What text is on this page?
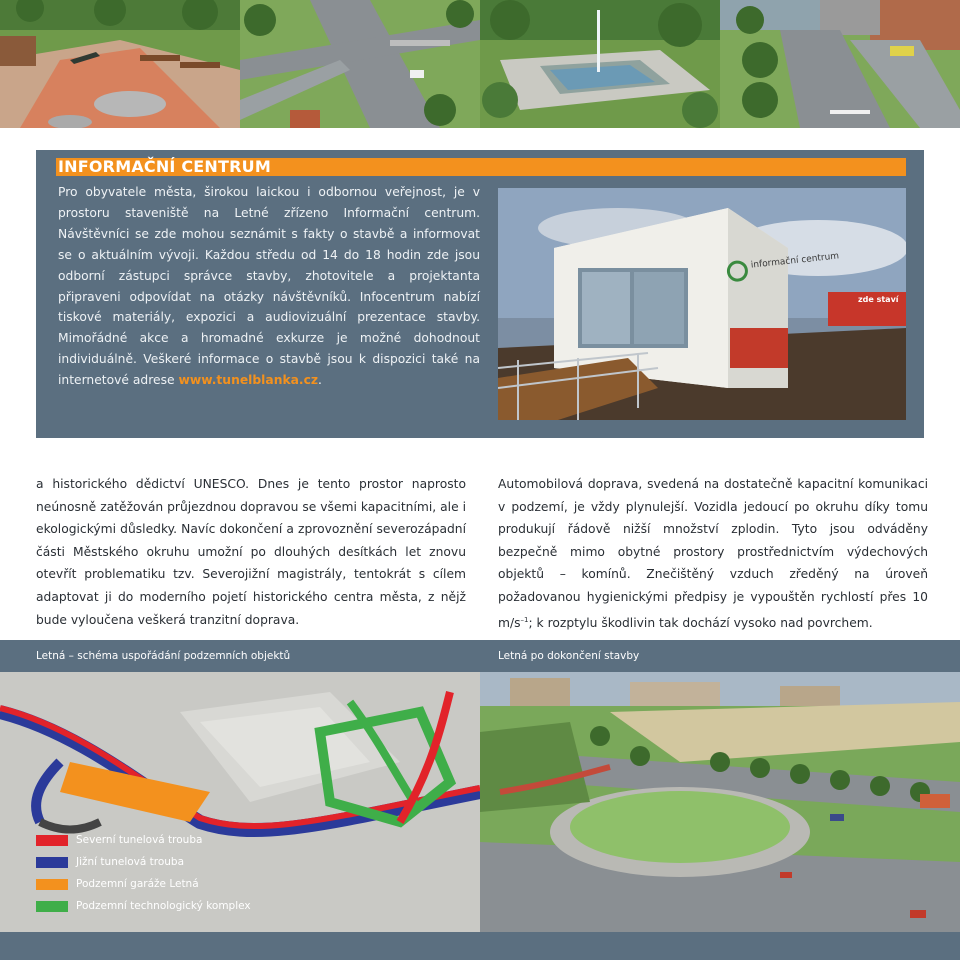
INFORMAČNÍ CENTRUM
Pro obyvatele města, širokou laickou i odbornou veřejnost, je v prostoru staveniště na Letné zřízeno Informační centrum. Návštěvníci se zde mohou seznámit s fakty o stavbě a informovat se o aktuálním vývoji. Každou středu od 14 do 18 hodin zde jsou odborní zástupci správce stavby, zhotovitele a projektanta připraveni odpovídat na otázky návštěvníků. Infocentrum nabízí tiskové materiály, expozici a audiovizuální prezentace stavby. Mimořádné akce a hromadné exkurze je možné dohodnout individuálně. Veškeré informace o stavbě jsou k dispozici také na internetové adrese www.tunelblanka.cz.
informační centrum
zde staví
a historického dědictví UNESCO. Dnes je tento prostor naprosto neúnosně zatěžován průjezdnou dopravou se všemi kapacitními, ale i ekologickými důsledky. Navíc dokončení a zprovoznění severozápadní části Městského okruhu umožní po dlouhých desítkách let znovu otevřít problematiku tzv. Severojižní magistrály, tentokrát s cílem adaptovat ji do moderního pojetí historického centra města, z nějž bude vyloučena veškerá tranzitní doprava.
Automobilová doprava, svedená na dostatečně kapacitní komunikaci v podzemí, je vždy plynulejší. Vozidla jedoucí po okruhu díky tomu produkují řádově nižší množství zplodin. Tyto jsou odváděny bezpečně mimo obytné prostory prostřednictvím výdechových objektů – komínů. Znečištěný vzduch zředěný na úroveň požadovanou hygienickými předpisy je vypouštěn rychlostí přes 10 $m/s^{-1}$; k rozptylu škodlivin tak dochází vysoko nad povrchem.
Letná – schéma uspořádání podzemních objektů	Letná po dokončení stavby
Severní tunelová trouba
Jižní tunelová trouba
Podzemní garáže Letná
Podzemní technologický komplex
